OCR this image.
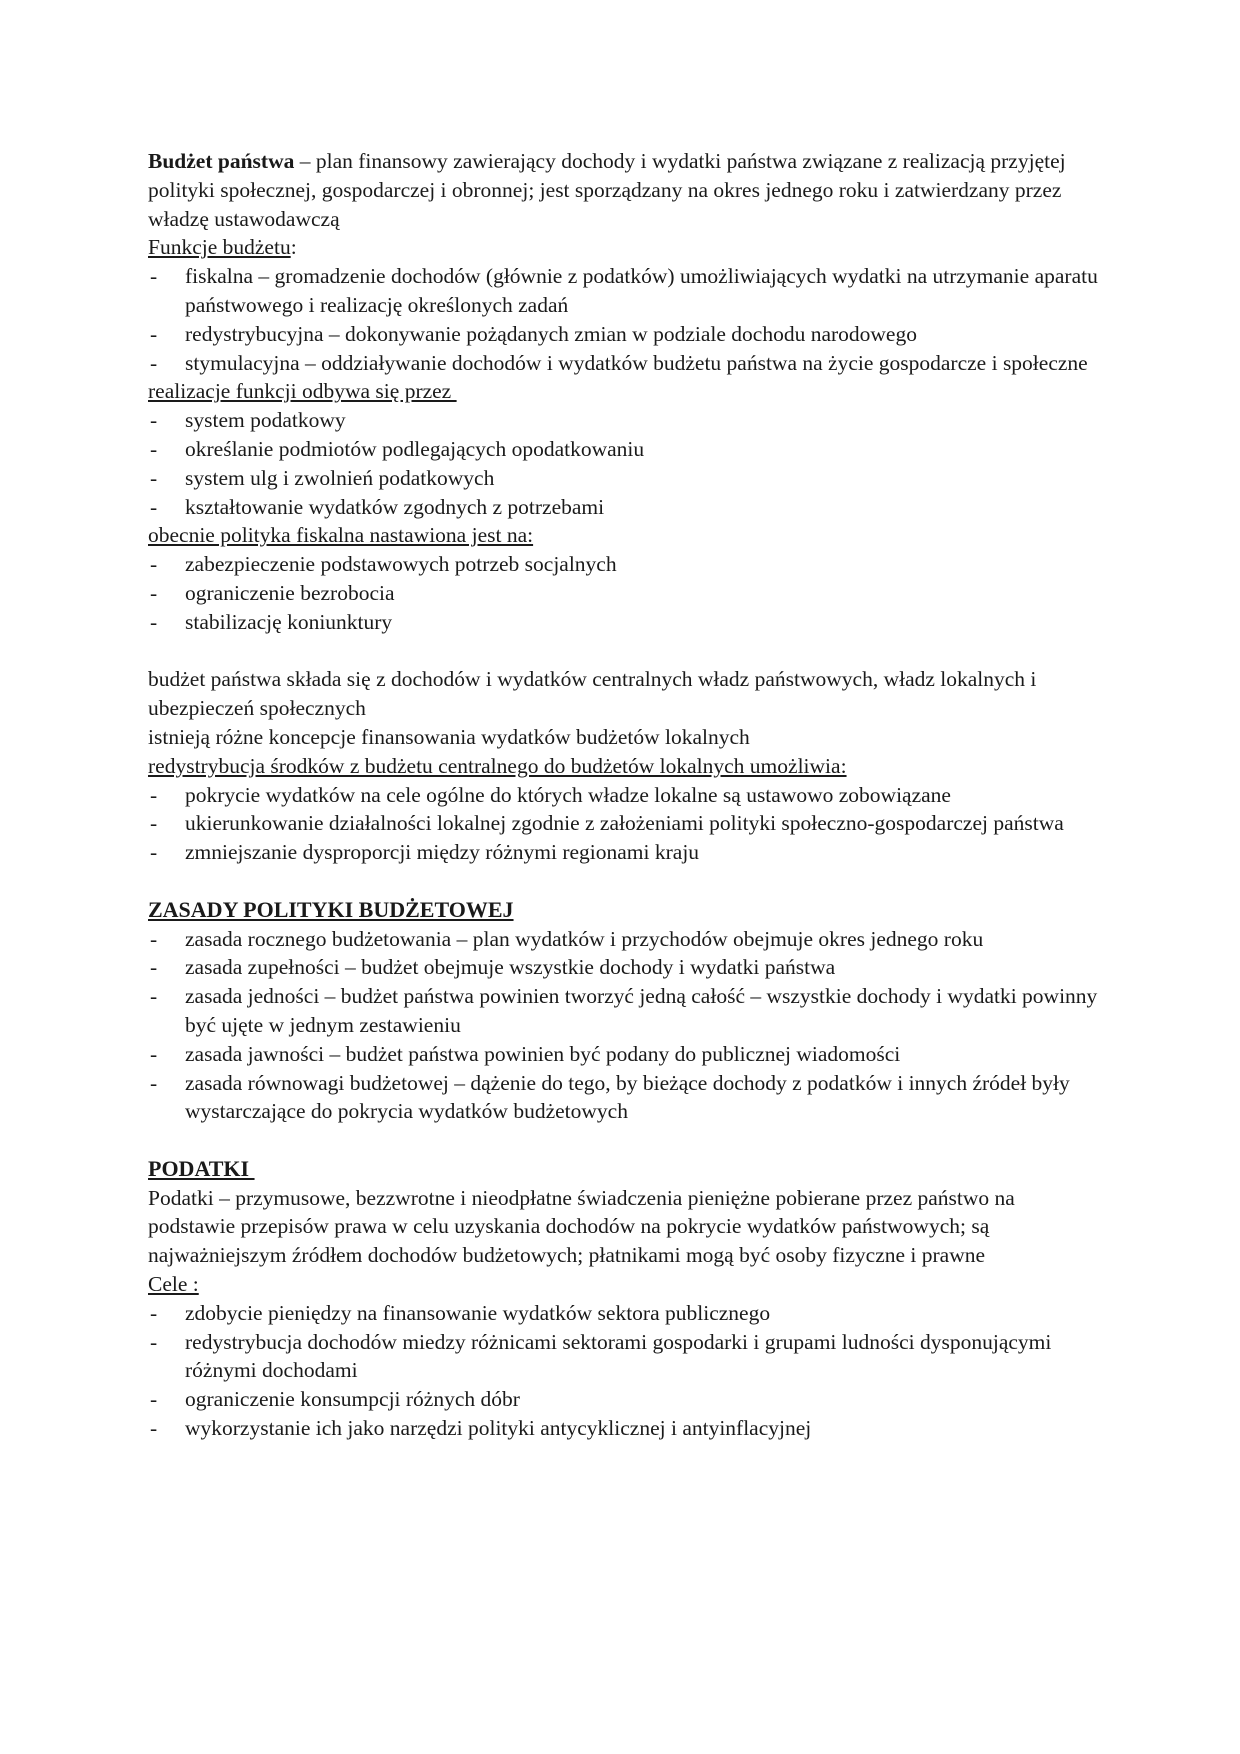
Budżet państwa – plan finansowy zawierający dochody i wydatki państwa związane z realizacją przyjętej polityki społecznej, gospodarczej i obronnej; jest sporządzany na okres jednego roku i zatwierdzany przez władzę ustawodawczą

Funkcje budżetu:

- fiskalna – gromadzenie dochodów (głównie z podatków) umożliwiających wydatki na utrzymanie aparatu państwowego i realizację określonych zadań
- redystrybucyjna – dokonywanie pożądanych zmian w podziale dochodu narodowego
- stymulacyjna – oddziaływanie dochodów i wydatków budżetu państwa na życie gospodarcze i społeczne

realizacje funkcji odbywa się przez

- system podatkowy
- określanie podmiotów podlegających opodatkowaniu
- system ulg i zwolnień podatkowych
- kształtowanie wydatków zgodnych z potrzebami

obecnie polityka fiskalna nastawiona jest na:

- zabezpieczenie podstawowych potrzeb socjalnych
- ograniczenie bezrobocia
- stabilizację koniunktury

budżet państwa składa się z dochodów i wydatków centralnych władz państwowych, władz lokalnych i ubezpieczeń społecznych

istnieją różne koncepcje finansowania wydatków budżetów lokalnych

redystrybucja środków z budżetu centralnego do budżetów lokalnych umożliwia:

- pokrycie wydatków na cele ogólne do których władze lokalne są ustawowo zobowiązane
- ukierunkowanie działalności lokalnej zgodnie z założeniami polityki społeczno-gospodarczej państwa
- zmniejszanie dysproporcji między różnymi regionami kraju

ZASADY POLITYKI BUDŻETOWEJ

- zasada rocznego budżetowania – plan wydatków i przychodów obejmuje okres jednego roku
- zasada zupełności – budżet obejmuje wszystkie dochody i wydatki państwa
- zasada jedności – budżet państwa powinien tworzyć jedną całość – wszystkie dochody i wydatki powinny być ujęte w jednym zestawieniu
- zasada jawności – budżet państwa powinien być podany do publicznej wiadomości
- zasada równowagi budżetowej – dążenie do tego, by bieżące dochody z podatków i innych źródeł były wystarczające do pokrycia wydatków budżetowych

PODATKI

Podatki – przymusowe, bezzwrotne i nieodpłatne świadczenia pieniężne pobierane przez państwo na podstawie przepisów prawa w celu uzyskania dochodów na pokrycie wydatków państwowych; są najważniejszym źródłem dochodów budżetowych; płatnikami mogą być osoby fizyczne i prawne

Cele :

- zdobycie pieniędzy na finansowanie wydatków sektora publicznego
- redystrybucja dochodów miedzy różnicami sektorami gospodarki i grupami ludności dysponującymi różnymi dochodami
- ograniczenie konsumpcji różnych dóbr
- wykorzystanie ich jako narzędzi polityki antycyklicznej i antyinflacyjnej
